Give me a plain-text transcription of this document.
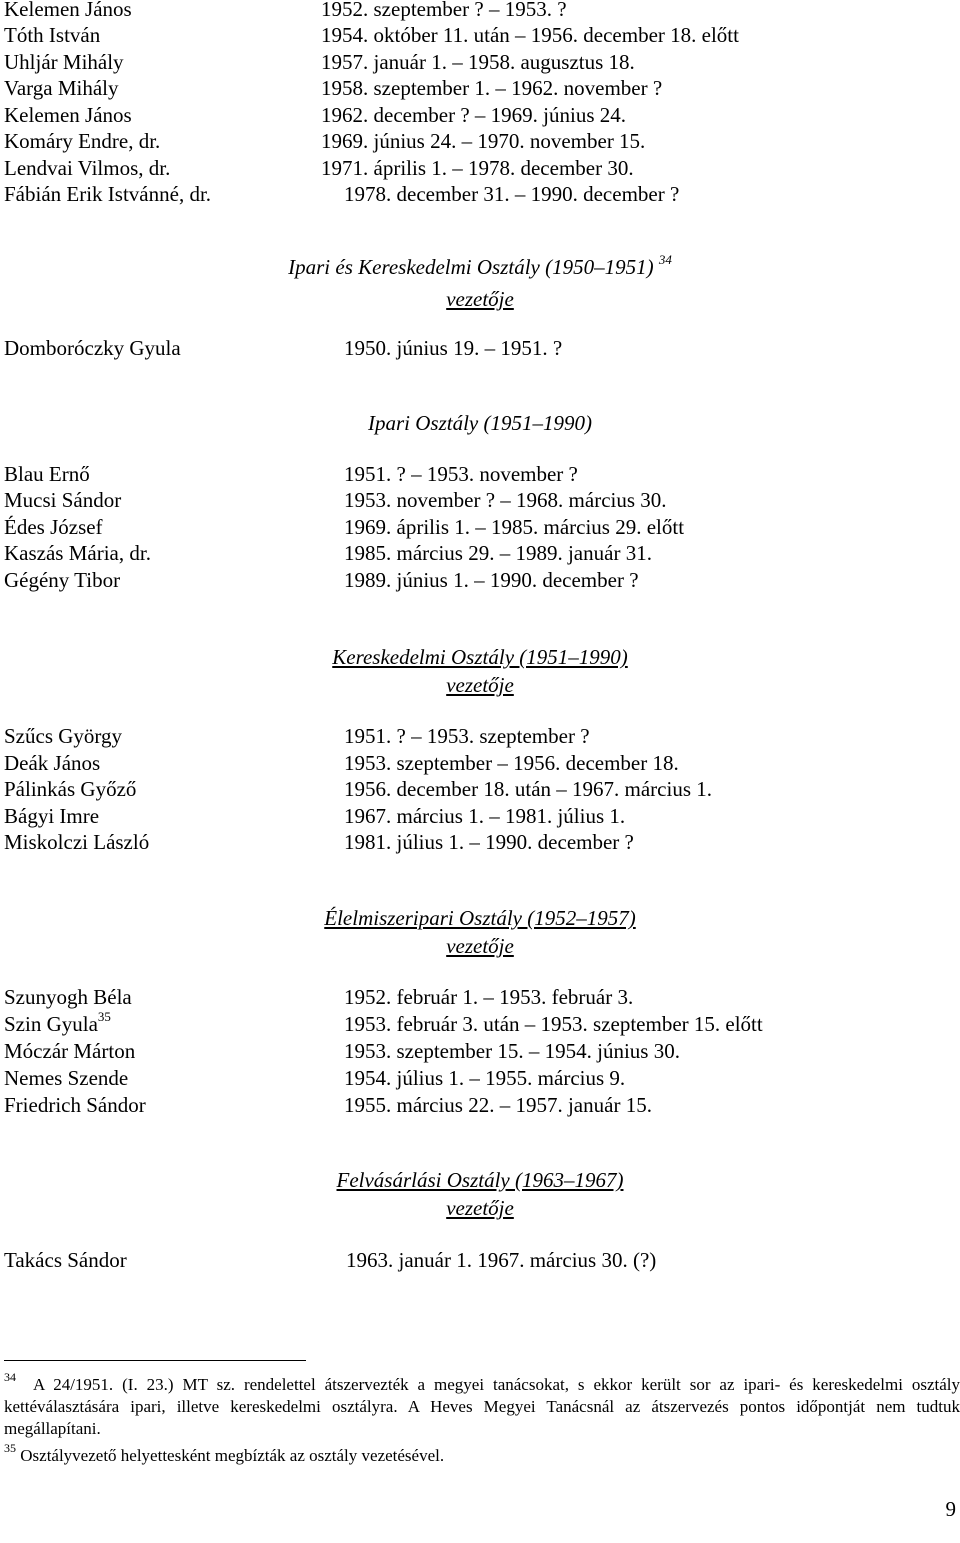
Kelemen János	1952. szeptember ? – 1953. ?
Tóth István	1954. október 11. után – 1956. december 18. előtt
Uhljár Mihály	1957. január 1. – 1958. augusztus 18.
Varga Mihály	1958. szeptember 1. – 1962. november ?
Kelemen János	1962. december ? – 1969. június 24.
Komáry Endre, dr.	1969. június 24. – 1970. november 15.
Lendvai Vilmos, dr.	1971. április 1. – 1978. december 30.
Fábián Erik Istvánné, dr.	1978. december 31. – 1990. december ?
Ipari és Kereskedelmi Osztály (1950–1951) $^{34}$
vezetője
Domboróczky Gyula	1950. június 19. – 1951. ?
Ipari Osztály (1951–1990)
Blau Ernő	1951. ? – 1953. november ?
Mucsi Sándor	1953. november ? – 1968. március 30.
Édes József	1969. április 1. – 1985. március 29. előtt
Kaszás Mária, dr.	1985. március 29. – 1989. január 31.
Gégény Tibor	1989. június 1. – 1990. december ?
Kereskedelmi Osztály (1951–1990)
vezetője
Szűcs György	1951. ? – 1953. szeptember ?
Deák János	1953. szeptember – 1956. december 18.
Pálinkás Győző	1956. december 18. után – 1967. március 1.
Bágyi Imre	1967. március 1. – 1981. július 1.
Miskolczi László	1981. július 1. – 1990. december ?
Élelmiszeripari Osztály (1952–1957)
vezetője
Szunyogh Béla	1952. február 1. – 1953. február 3.
Szin Gyula$^{35}$	1953. február 3. után – 1953. szeptember 15. előtt
Móczár Márton	1953. szeptember 15. – 1954. június 30.
Nemes Szende	1954. július 1. – 1955. március 9.
Friedrich Sándor	1955. március 22. – 1957. január 15.
Felvásárlási Osztály (1963–1967)
vezetője
Takács Sándor	1963. január 1. 1967. március 30. (?)
$^{34}$ A 24/1951. (I. 23.) MT sz. rendelettel átszervezték a megyei tanácsokat, s ekkor került sor az ipari- és kereskedelmi osztály kettéválasztására ipari, illetve kereskedelmi osztályra. A Heves Megyei Tanácsnál az átszervezés pontos időpontját nem tudtuk megállapítani.
$^{35}$ Osztályvezető helyettesként megbízták az osztály vezetésével.
9
